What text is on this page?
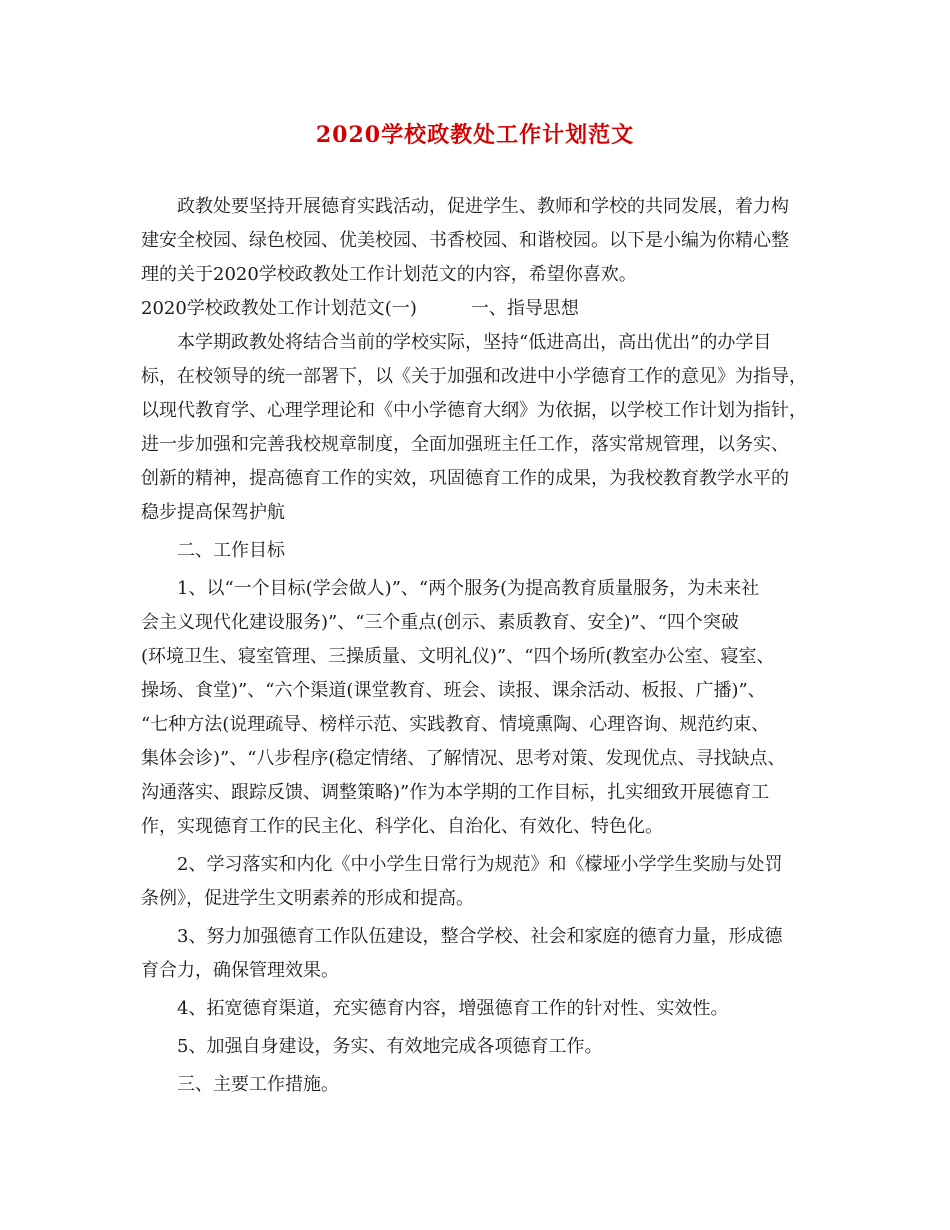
2020学校政教处工作计划范文
　　政教处要坚持开展德育实践活动，促进学生、教师和学校的共同发展，着力构
建安全校园、绿色校园、优美校园、书香校园、和谐校园。以下是小编为你精心整
理的关于2020学校政教处工作计划范文的内容，希望你喜欢。
2020学校政教处工作计划范文(一)　　　一、指导思想
　　本学期政教处将结合当前的学校实际，坚持“低进高出，高出优出”的办学目
标，在校领导的统一部署下，以《关于加强和改进中小学德育工作的意见》为指导，
以现代教育学、心理学理论和《中小学德育大纲》为依据，以学校工作计划为指针，
进一步加强和完善我校规章制度，全面加强班主任工作，落实常规管理，以务实、
创新的精神，提高德育工作的实效，巩固德育工作的成果，为我校教育教学水平的
稳步提高保驾护航
　　二、工作目标
　　1、以“一个目标(学会做人)”、“两个服务(为提高教育质量服务，为未来社
会主义现代化建设服务)”、“三个重点(创示、素质教育、安全)”、“四个突破
(环境卫生、寝室管理、三操质量、文明礼仪)”、“四个场所(教室办公室、寝室、
操场、食堂)”、“六个渠道(课堂教育、班会、读报、课余活动、板报、广播)”、
“七种方法(说理疏导、榜样示范、实践教育、情境熏陶、心理咨询、规范约束、
集体会诊)”、“八步程序(稳定情绪、了解情况、思考对策、发现优点、寻找缺点、
沟通落实、跟踪反馈、调整策略)”作为本学期的工作目标，扎实细致开展德育工
作，实现德育工作的民主化、科学化、自治化、有效化、特色化。
　　2、学习落实和内化《中小学生日常行为规范》和《檬垭小学学生奖励与处罚
条例》，促进学生文明素养的形成和提高。
　　3、努力加强德育工作队伍建设，整合学校、社会和家庭的德育力量，形成德
育合力，确保管理效果。
　　4、拓宽德育渠道，充实德育内容，增强德育工作的针对性、实效性。
　　5、加强自身建设，务实、有效地完成各项德育工作。
　　三、主要工作措施。
